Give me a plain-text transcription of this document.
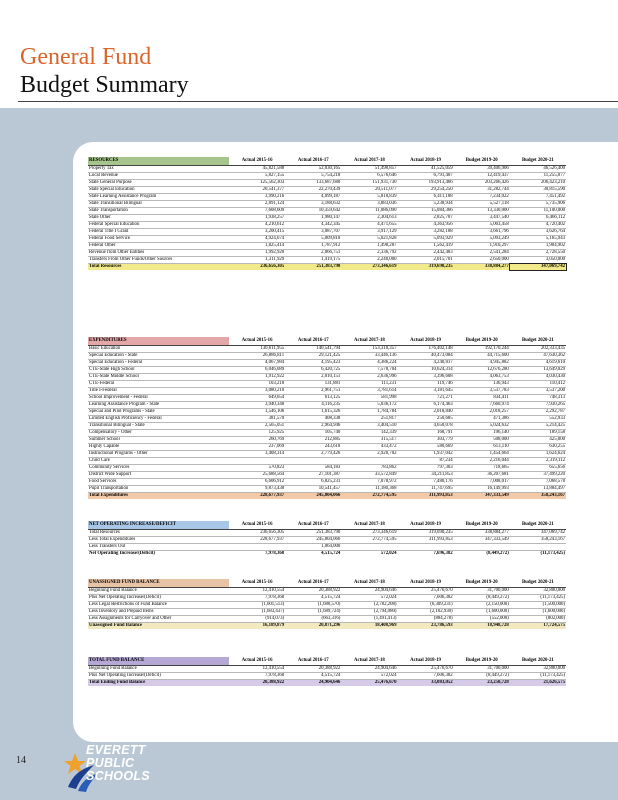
General Fund
Budget Summary
RESOURCES	Actual 2015-16	Actual 2016-17	Actual 2017-18	Actual 2018-19	Budget 2019-20	Budget 2020-21
Property Tax	45,821,588	52,030,165	51,498,857	41,525,059	39,406,906	46,526,400
Local Revenue	5,827,155	5,754,218	6,576,646	6,791,407	12,419,437	11,255,077
State General Purpose	125,562,303	133,687,680	151,931,730	193,913,466	203,266,426	206,423,210
State Special Education	20,541,377	22,270,439	20,511,077	29,254,250	31,282,744	30,815,590
State Learning Assistance Program	3,990,216	4,099,187	5,818,839	6,411,188	7,234,022	7,451,492
State Transitional Bilingual	2,891,124	3,188,632	3,883,036	5,238,934	5,527,118	5,735,906
State Transportation	7,608,609	10,359,642	11,086,090	15,084,366	13,330,000	11,100,000
State Other	1,938,257	1,980,147	2,304,613	2,825,707	3,447,540	6,466,112
Federal Special Education	4,210,612	4,342,345	4,471,655	4,363,956	5,003,458	4,720,402
Federal Title I Grant	3,200,415	3,087,707	3,917,129	3,282,188	3,661,796	3,626,764
Federal Food Service	4,924,674	5,009,810	5,021,828	5,093,929	5,093,249	5,165,943
Federal Other	1,825,414	1,787,912	1,498,287	1,562,419	1,910,297	1,904,902
Revenue from Other Entities	1,992,920	2,066,751	2,336,792	2,442,483	2,541,284	2,728,550
Transfers From Other Funds/Other Sources	1,311,929	1,419,175	2,240,000	2,015,701	2,650,000	3,050,000
Total Resources	236,656,305	251,383,790	273,346,619	319,690,235	338,884,277	347,069,742
EXPENDITURES	Actual 2015-16	Actual 2016-17	Actual 2017-18	Actual 2018-19	Budget 2019-20	Budget 2020-21
Basic Education	130,611,955	140,541,794	153,310,357	176,402,148	192,170,244	202,333,435
Special Education - State	26,886,811	29,121,425	33,446,136	40,473,084	44,715,600	47,630,362
Special Education - Federal	4,067,984	4,195,423	4,386,224	4,240,817	4,945,882	4,619,610
CTE-State High School	6,046,089	6,420,725	7,570,704	10,624,314	12,676,280	13,649,029
CTE-State Middle School	1,912,922	2,010,151	2,636,996	3,396,608	4,063,753	4,030,430
CTE-Federal	103,218	131,881	111,231	119,746	136,943	110,412
Title I-Federal	3,080,210	2,961,751	3,781,614	3,181,645	3,537,783	3,537,200
School Improvement - Federal	649,654	613,125	581,998	721,271	834,411	748,313
Learning Assistance Program - State	3,940,348	4,116,235	5,036,172	6,174,463	7,660,974	7,930,265
Special and Pilot Programs - State	1,546,106	1,615,326	1,784,784	2,018,840	2,018,257	2,292,787
Limited English Proficiency - Federal	381,570	408,338	251,817	250,685	471,386	552,933
Transitional Bilingual - State	2,565,051	2,964,946	3,404,510	4,650,078	5,024,632	5,214,425
Compensatory - Other	125,925	105,740	142,339	168,791	196,140	189,158
Summer School	260,769	212,885	315,517	303,779	508,000	425,000
Highly Capable	237,069	243,618	433,472	580,669	613,110	630,255
Instructional Programs - Other	3,408,314	2,779,426	2,920,702	1,937,042	1,454,664	1,624,624
Child Care				87,234	2,216,044	2,319,112
Community Services	570,823	584,183	783,862	797,303	718,665	655,656
District Wide Support	25,688,564	27,101,387	33,572,849	34,211,853	36,207,681	37,499,220
Food Services	6,606,912	6,825,231	7,078,972	7,480,176	7,008,017	7,068,578
Pupil Transportation	9,873,430	10,541,457	11,180,368	11,747,695	16,149,993	13,884,497
Total Expenditures	228,677,937	245,804,066	272,774,595	311,993,853	347,333,549	358,243,167
NET OPERATING INCREASE/DEFICIT	Actual 2015-16	Actual 2016-17	Actual 2017-18	Actual 2018-19	Budget 2019-20	Budget 2020-21
Total Resources	236,656,305	251,383,790	273,346,619	319,690,235	338,884,277	347,069,742
Less Total Expenditures	228,677,937	245,804,066	272,774,595	311,993,853	347,333,549	358,243,167
Less Transfers Out		1,064,000				
Net Operating Increase/(Deficit)	7,978,368	4,515,724	572,024	7,696,382	(8,449,272)	(11,173,425)
UNASSIGNED FUND BALANCE	Actual 2015-16	Actual 2016-17	Actual 2017-18	Actual 2018-19	Budget 2019-20	Budget 2020-21
Beginning Fund Balance	12,410,554	20,388,922	24,904,646	25,476,670	31,700,000	32,800,000
Plus Net Operating Increase/(Deficit)	7,978,368	4,515,724	572,024	7,606,382	(8,449,272)	(11,173,425)
Less Legal Restrictions of Fund Balance	(1,601,513)	(1,680,570)	(2,782,208)	(6,309,231)	(2,150,000)	(1,500,000)
Less Inventory and Prepaid Items	(1,683,437)	(1,689,724)	(2,794,080)	(2,102,930)	(1,600,000)	(1,600,000)
Less Assignments for Carryover and Other	(914,073)	(663,316)	(1,491,413)	(884,278)	(552,000)	(802,000)
Unassigned Fund Balance	16,189,879	20,871,296	18,408,969	23,786,593	18,948,728	17,724,575
TOTAL FUND BALANCE	Actual 2015-16	Actual 2016-17	Actual 2017-18	Actual 2018-19	Budget 2019-20	Budget 2020-21
Beginning Fund Balance	12,410,554	20,388,922	24,904,646	25,476,670	31,700,000	32,800,000
Plus Net Operating Increase/(Deficit)	7,978,368	4,515,724	572,024	7,606,382	(8,449,272)	(11,173,425)
Total Ending Fund Balance	20,388,922	24,904,646	25,476,670	33,083,052	23,250,728	21,626,575
14
EVERETT
PUBLIC
SCHOOLS
